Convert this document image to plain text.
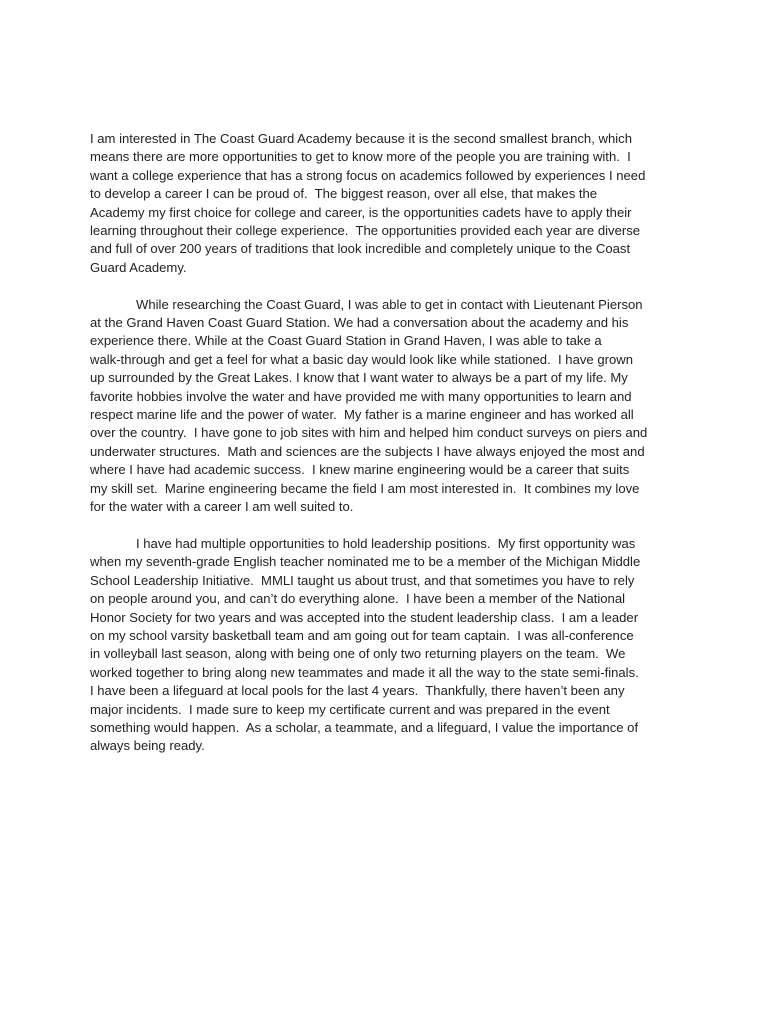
I am interested in The Coast Guard Academy because it is the second smallest branch, which
means there are more opportunities to get to know more of the people you are training with.  I
want a college experience that has a strong focus on academics followed by experiences I need
to develop a career I can be proud of.  The biggest reason, over all else, that makes the
Academy my first choice for college and career, is the opportunities cadets have to apply their
learning throughout their college experience.  The opportunities provided each year are diverse
and full of over 200 years of traditions that look incredible and completely unique to the Coast
Guard Academy.
While researching the Coast Guard, I was able to get in contact with Lieutenant Pierson
at the Grand Haven Coast Guard Station. We had a conversation about the academy and his
experience there. While at the Coast Guard Station in Grand Haven, I was able to take a
walk-through and get a feel for what a basic day would look like while stationed.  I have grown
up surrounded by the Great Lakes. I know that I want water to always be a part of my life. My
favorite hobbies involve the water and have provided me with many opportunities to learn and
respect marine life and the power of water.  My father is a marine engineer and has worked all
over the country.  I have gone to job sites with him and helped him conduct surveys on piers and
underwater structures.  Math and sciences are the subjects I have always enjoyed the most and
where I have had academic success.  I knew marine engineering would be a career that suits
my skill set.  Marine engineering became the field I am most interested in.  It combines my love
for the water with a career I am well suited to.
I have had multiple opportunities to hold leadership positions.  My first opportunity was
when my seventh-grade English teacher nominated me to be a member of the Michigan Middle
School Leadership Initiative.  MMLI taught us about trust, and that sometimes you have to rely
on people around you, and can’t do everything alone.  I have been a member of the National
Honor Society for two years and was accepted into the student leadership class.  I am a leader
on my school varsity basketball team and am going out for team captain.  I was all-conference
in volleyball last season, along with being one of only two returning players on the team.  We
worked together to bring along new teammates and made it all the way to the state semi-finals.
I have been a lifeguard at local pools for the last 4 years.  Thankfully, there haven’t been any
major incidents.  I made sure to keep my certificate current and was prepared in the event
something would happen.  As a scholar, a teammate, and a lifeguard, I value the importance of
always being ready.
